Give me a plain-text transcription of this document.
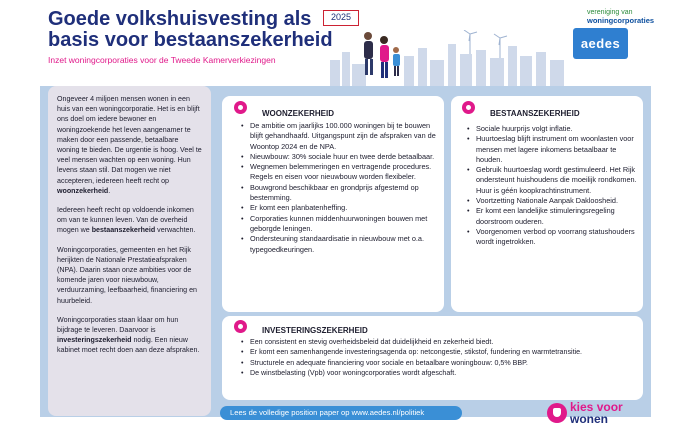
Goede volkshuisvesting als basis voor bestaanszekerheid
Inzet woningcorporaties voor de Tweede Kamerverkiezingen
2025	vereniging van
woningcorporaties
aedes

Ongeveer 4 miljoen mensen wonen in een huis van een woningcorporatie. Het is en blijft ons doel om iedere bewoner en woningzoekende het leven aangenamer te maken door een passende, betaalbare woning te bieden. De urgentie is hoog. Veel te veel mensen wachten op een woning. Hun levens staan stil. Dat mogen we niet accepteren, iedereen heeft recht op woonzekerheid.

Iedereen heeft recht op voldoende inkomen om van te kunnen leven. Van de overheid mogen we bestaanszekerheid verwachten.

Woningcorporaties, gemeenten en het Rijk herijkten de Nationale Prestatieafspraken (NPA). Daarin staan onze ambities voor de komende jaren voor nieuwbouw, verduurzaming, leefbaarheid, financiering en huurbeleid.

Woningcorporaties staan klaar om hun bijdrage te leveren. Daarvoor is investeringszekerheid nodig. Een nieuw kabinet moet recht doen aan deze afspraken.

WOONZEKERHEID
• De ambitie om jaarlijks 100.000 woningen bij te bouwen blijft gehandhaafd. Uitgangspunt zijn de afspraken van de Woontop 2024 en de NPA.
• Nieuwbouw: 30% sociale huur en twee derde betaalbaar.
• Wegnemen belemmeringen en vertragende procedures. Regels en eisen voor nieuwbouw worden flexibeler.
• Bouwgrond beschikbaar en grondprijs afgestemd op bestemming.
• Er komt een planbatenheffing.
• Corporaties kunnen middenhuurwoningen bouwen met geborgde leningen.
• Ondersteuning standaardisatie in nieuwbouw met o.a. typegoedkeuringen.
BESTAANSZEKERHEID
• Sociale huurprijs volgt inflatie.
• Huurtoeslag blijft instrument om woonlasten voor mensen met lagere inkomens betaalbaar te houden.
• Gebruik huurtoeslag wordt gestimuleerd. Het Rijk ondersteunt huishoudens die moeilijk rondkomen. Huur is géén koopkrachtinstrument.
• Voortzetting Nationale Aanpak Dakloosheid.
• Er komt een landelijke stimuleringsregeling doorstroom ouderen.
• Voorgenomen verbod op voorrang statushouders wordt ingetrokken.
INVESTERINGSZEKERHEID
• Een consistent en stevig overheidsbeleid dat duidelijkheid en zekerheid biedt.
• Er komt een samenhangende investeringsagenda op: netcongestie, stikstof, fundering en warmtetransitie.
• Structurele en adequate financiering voor sociale en betaalbare woningbouw: 0,5% BBP.
• De winstbelasting (Vpb) voor woningcorporaties wordt afgeschaft.
Lees de volledige position paper op www.aedes.nl/politiek	kies voor
wonen
